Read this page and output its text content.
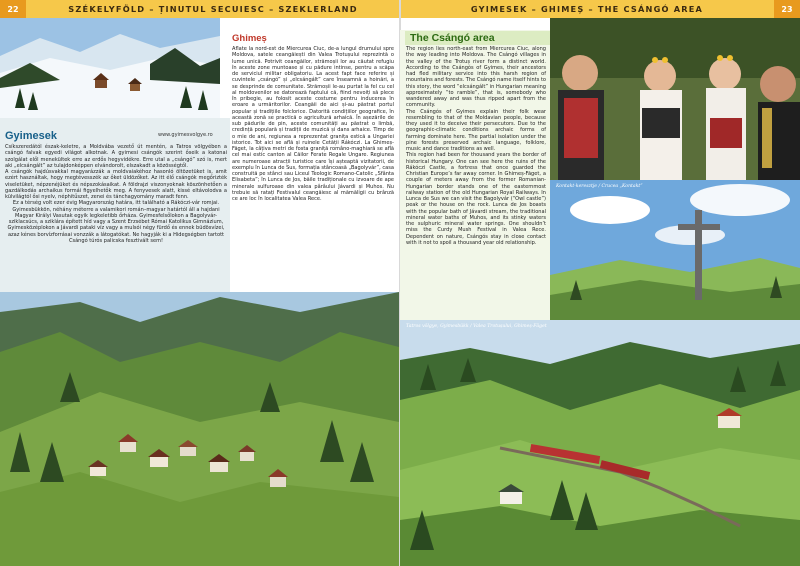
22	SZÉKELYFÖLD – ȚINUTUL SECUIESC – SZEKLERLAND	GYIMESEK – GHIMEȘ – THE CSÁNGÓ AREA	23
Gyimesek	www.gyimesvolgye.ro

Csíkszeredától észak-keletre, a Moldvába vezető út mentén, a Tatros völgyében a csángó falvak egyedi világot alkotnak. A gyimesi csángók szerint őseik a katonai szolgálat elől menekültek erre az erdős hegyvidékre. Erre utal a „csángó” szó is, mert aki „elcsángált” az tulajdonképpen elvándorolt, elszakadt a közösségtől.

A csángók hajdúsvakkal magyarázzák a moldvaiakéhoz hasonló öltözetüket is, amit ezért használtak, hogy megtévesszék az őket üldözőket. Az itt élő csángók megőrizték viseletüket, népzenéjüket és népszokásaikat. A földrajzi viszonyoknak köszönhetően a gazdálkodás archaikus formái figyelhetők meg. A fenyvesek alatt, kissé eltávolodva a külvilágtól ősi nyelv, néphitűszet, zenei és tánchagyomány maradt fenn.

Ez a térség volt ezer évig Magyarország határa, itt található a Rákóczi-vár romjai. Gyimesbükkön, néhány méterre a valamikori román–magyar határtól áll a hajdani Magyar Királyi Vasutak egyik legkeletibb őrháza. Gyimesfelsőlokon a Bagolyvár-sziklacsúcs, a sziklára épített híd vagy a Szent Erzsébet Római Katolikus Gimnázium, Gyimesközéplokon a Jávardi pataki víz vagy a mulsói négy fürdő és ennek büdösvízei, azaz kénes borvízforrásai vonzzák a látogatókat. Ne hagyják ki a Hidegségben tartott Csángó túrós palicska fesztivált sem!

Ghimeș
Aflate la nord-est de Miercurea Ciuc, de-a lungul drumului spre Moldova, satele ceangăiești din Valea Trotușului reprezintă o lume unică. Potrivit ceangăilor, strămoșii lor au căutat refugiu în aceste zone muntoase și cu pădure intinse, pentru a scăpa de serviciul militar obligatoriu. La acest fapt face referire și cuvintele „csángó” și „elcsángált” care înseamnă a hoinări, a se desprinde de comunitate. Strămoșii le-au purtat la fel cu cel al moldovenilor se datorează faptului că, fiind nevoiți să plece în pribegie, au folosit aceste costume pentru inducerea în eroare a urmăritorilor. Ceangăii de aici și-au păstrat portul popular și tradițiile folclorice. Datorită condițiilor geografice, în această zonă se practică o agricultură arhaică. În așezările de sub pădurile de pin, aceste comunități au păstrat o limbă, credință populară și tradiții de muzică și dans arhaice. Timp de o mie de ani, regiunea a reprezentat granița estică a Ungariei istorice. Tot aici se află și ruinele Cetății Rákóczi. La Ghimeș-Făget, la câțiva metri de fosta graniță româno-maghiară se află cel mai estic canton al Căilor Ferate Regale Ungare. Regiunea are numeroase atracții turistice care își așteaptă vizitatorii, de exemplu în Lunca de Sus, formația stâncoasă „Bagolyvár”, casa construită pe stânci sau Liceul Teologic Romano-Catolic „Sfânta Elisabeta”; în Lunca de Jos, băile tradiționale cu izvoare de ape minerale sulfuroase din valea pârâului Jávardi și Muhos. Nu trebuie să ratați Festivalul ceangăiesc al mămăligii cu brânză ce are loc în localitatea Valea Rece.
The Csángó area

The region lies north-east from Miercurea Ciuc, along the way leading into Moldova. The Csángó villages in the valley of the Trotuș river form a distinct world. According to the Csángós of Gyimes, their ancestors had fled military service into this harsh region of mountains and forests. The Csángó name itself hints to this story, the word “elcsángált” in Hungarian meaning approximately “to ramble”, that is, somebody who wandered away and was thus ripped apart from the community.

The Csángós of Gyimes explain their folk wear resembling to that of the Moldavian people, because they used it to deceive their persecutors. Due to the geographic-climatic conditions archaic forms of farming dominate here. The partial isolation under the pine forests preserved archaic language, folklore, music and dance traditions as well.

This region had been for thousand years the border of historical Hungary. One can see here the ruins of the Rákóczi Castle, a fortress that once guarded the Christian Europe’s far away corner. In Ghimeș-Făget, a couple of meters away from the former Romanian-Hungarian border stands one of the easternmost railway station of the old Hungarian Royal Railways. In Lunca de Sus we can visit the Bagolyvár (“Owl castle”) peak or the house on the rock. Lunca de Jos boasts with the popular bath of Jávardi stream, the traditional mineral water baths of Muhos, and its stinky waters the sulphuric mineral water springs. One shouldn’t miss the Curdy Mush Festival in Valea Rece. Dependent on nature, Csángós stay in close contact with it not to spoil a thousand year old relationship.

Kontakt-keresztje / Crucea „Kontakt”
Tatros völgye, Gyimesbükk / Valea Trotușului, Ghimeș-Făget
